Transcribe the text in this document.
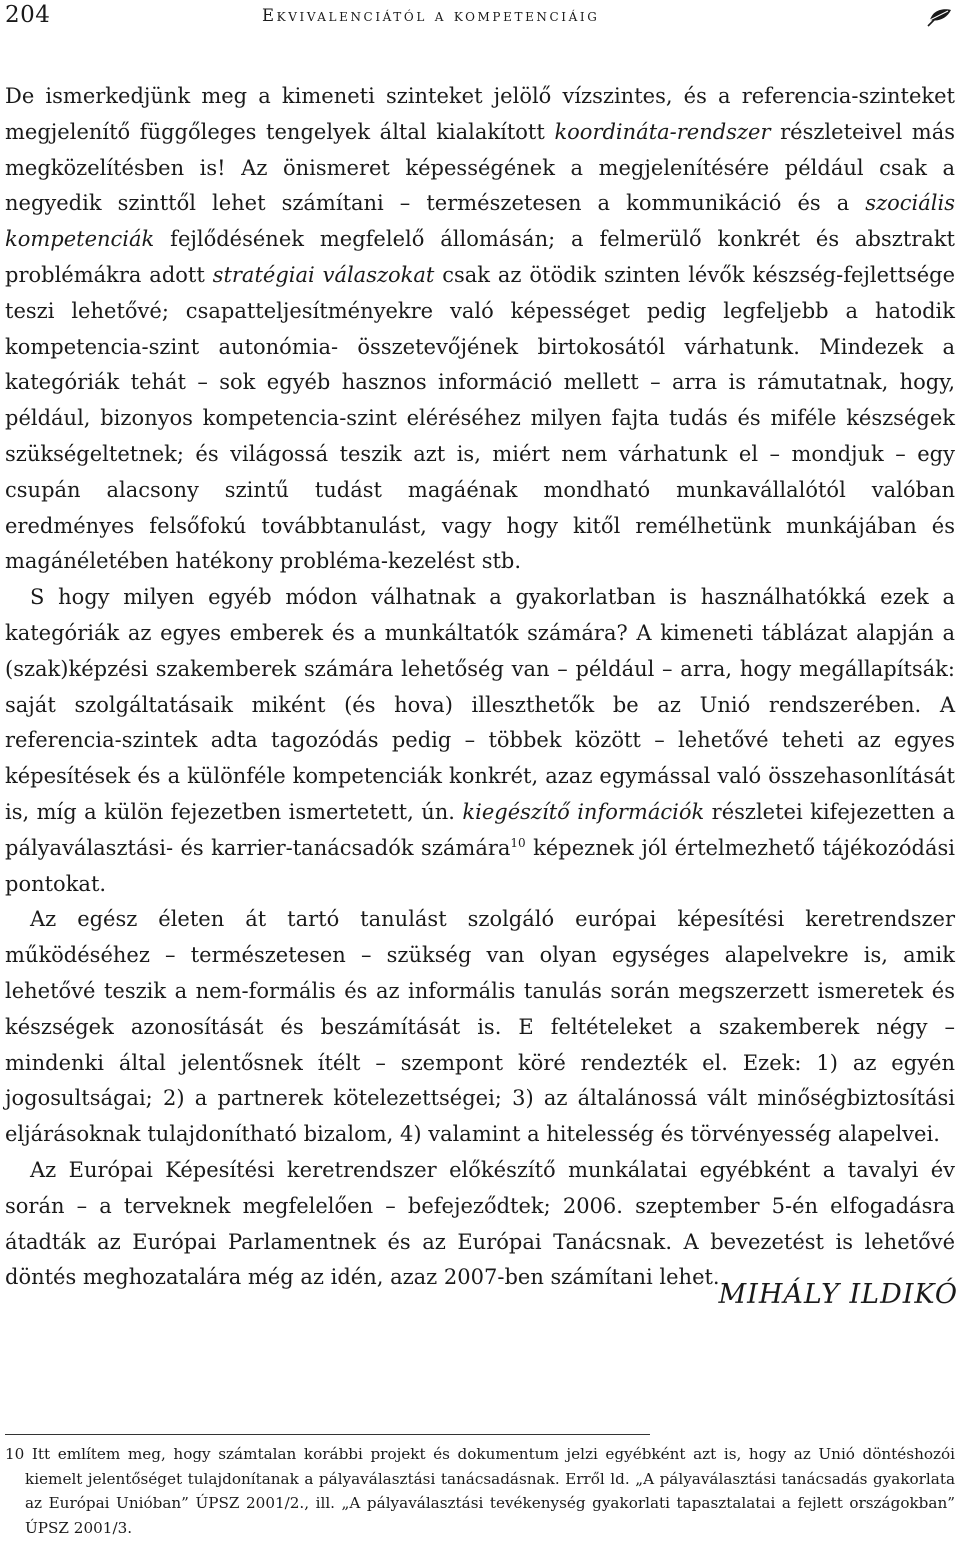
204	Ekvivalenciától a kompetenciáig

De ismerkedjünk meg a kimeneti szinteket jelölő vízszintes, és a referencia-szinteket megjelenítő függőleges tengelyek által kialakított koordináta-rendszer részleteivel más megközelítésben is! Az önismeret képességének a megjelenítésére például csak a negyedik szinttől lehet számítani – természetesen a kommunikáció és a szociális kompetenciák fejlődésének megfelelő állomásán; a felmerülő konkrét és absztrakt problémákra adott stratégiai válaszokat csak az ötödik szinten lévők készség-fejlettsége teszi lehetővé; csapatteljesítményekre való képességet pedig legfeljebb a hatodik kompetencia-szint autonómia- összetevőjének birtokosától várhatunk. Mindezek a kategóriák tehát – sok egyéb hasznos információ mellett – arra is rámutatnak, hogy, például, bizonyos kompetencia-szint eléréséhez milyen fajta tudás és miféle készségek szükségeltetnek; és világossá teszik azt is, miért nem várhatunk el – mondjuk – egy csupán alacsony szintű tudást magáénak mondható munkavállalótól valóban eredményes felsőfokú továbbtanulást, vagy hogy kitől remélhetünk munkájában és magánéletében hatékony probléma-kezelést stb.

S hogy milyen egyéb módon válhatnak a gyakorlatban is használhatókká ezek a kategóriák az egyes emberek és a munkáltatók számára? A kimeneti táblázat alapján a (szak)képzési szakemberek számára lehetőség van – például – arra, hogy megállapítsák: saját szolgáltatásaik miként (és hova) illeszthetők be az Unió rendszerében. A referencia-szintek adta tagozódás pedig – többek között – lehetővé teheti az egyes képesítések és a különféle kompetenciák konkrét, azaz egymással való összehasonlítását is, míg a külön fejezetben ismertetett, ún. kiegészítő információk részletei kifejezetten a pályaválasztási- és karrier-tanácsadók számára$^{10}$ képeznek jól értelmezhető tájékozódási pontokat.

Az egész életen át tartó tanulást szolgáló európai képesítési keretrendszer működéséhez – természetesen – szükség van olyan egységes alapelvekre is, amik lehetővé teszik a nem-formális és az informális tanulás során megszerzett ismeretek és készségek azonosítását és beszámítását is. E feltételeket a szakemberek négy – mindenki által jelentősnek ítélt – szempont köré rendezték el. Ezek: 1) az egyén jogosultságai; 2) a partnerek kötelezettségei; 3) az általánossá vált minőségbiztosítási eljárásoknak tulajdonítható bizalom, 4) valamint a hitelesség és törvényesség alapelvei.

Az Európai Képesítési keretrendszer előkészítő munkálatai egyébként a tavalyi év során – a terveknek megfelelően – befejeződtek; 2006. szeptember 5-én elfogadásra átadták az Európai Parlamentnek és az Európai Tanácsnak. A bevezetést is lehetővé döntés meghozatalára még az idén, azaz 2007-ben számítani lehet.

MIHÁLY ILDIKÓ

10 Itt említem meg, hogy számtalan korábbi projekt és dokumentum jelzi egyébként azt is, hogy az Unió döntéshozói kiemelt jelentőséget tulajdonítanak a pályaválasztási tanácsadásnak. Erről ld. „A pályaválasztási tanácsadás gyakorlata az Európai Unióban” ÚPSZ 2001/2., ill. „A pályaválasztási tevékenység gyakorlati tapasztalatai a fejlett országokban” ÚPSZ 2001/3.
